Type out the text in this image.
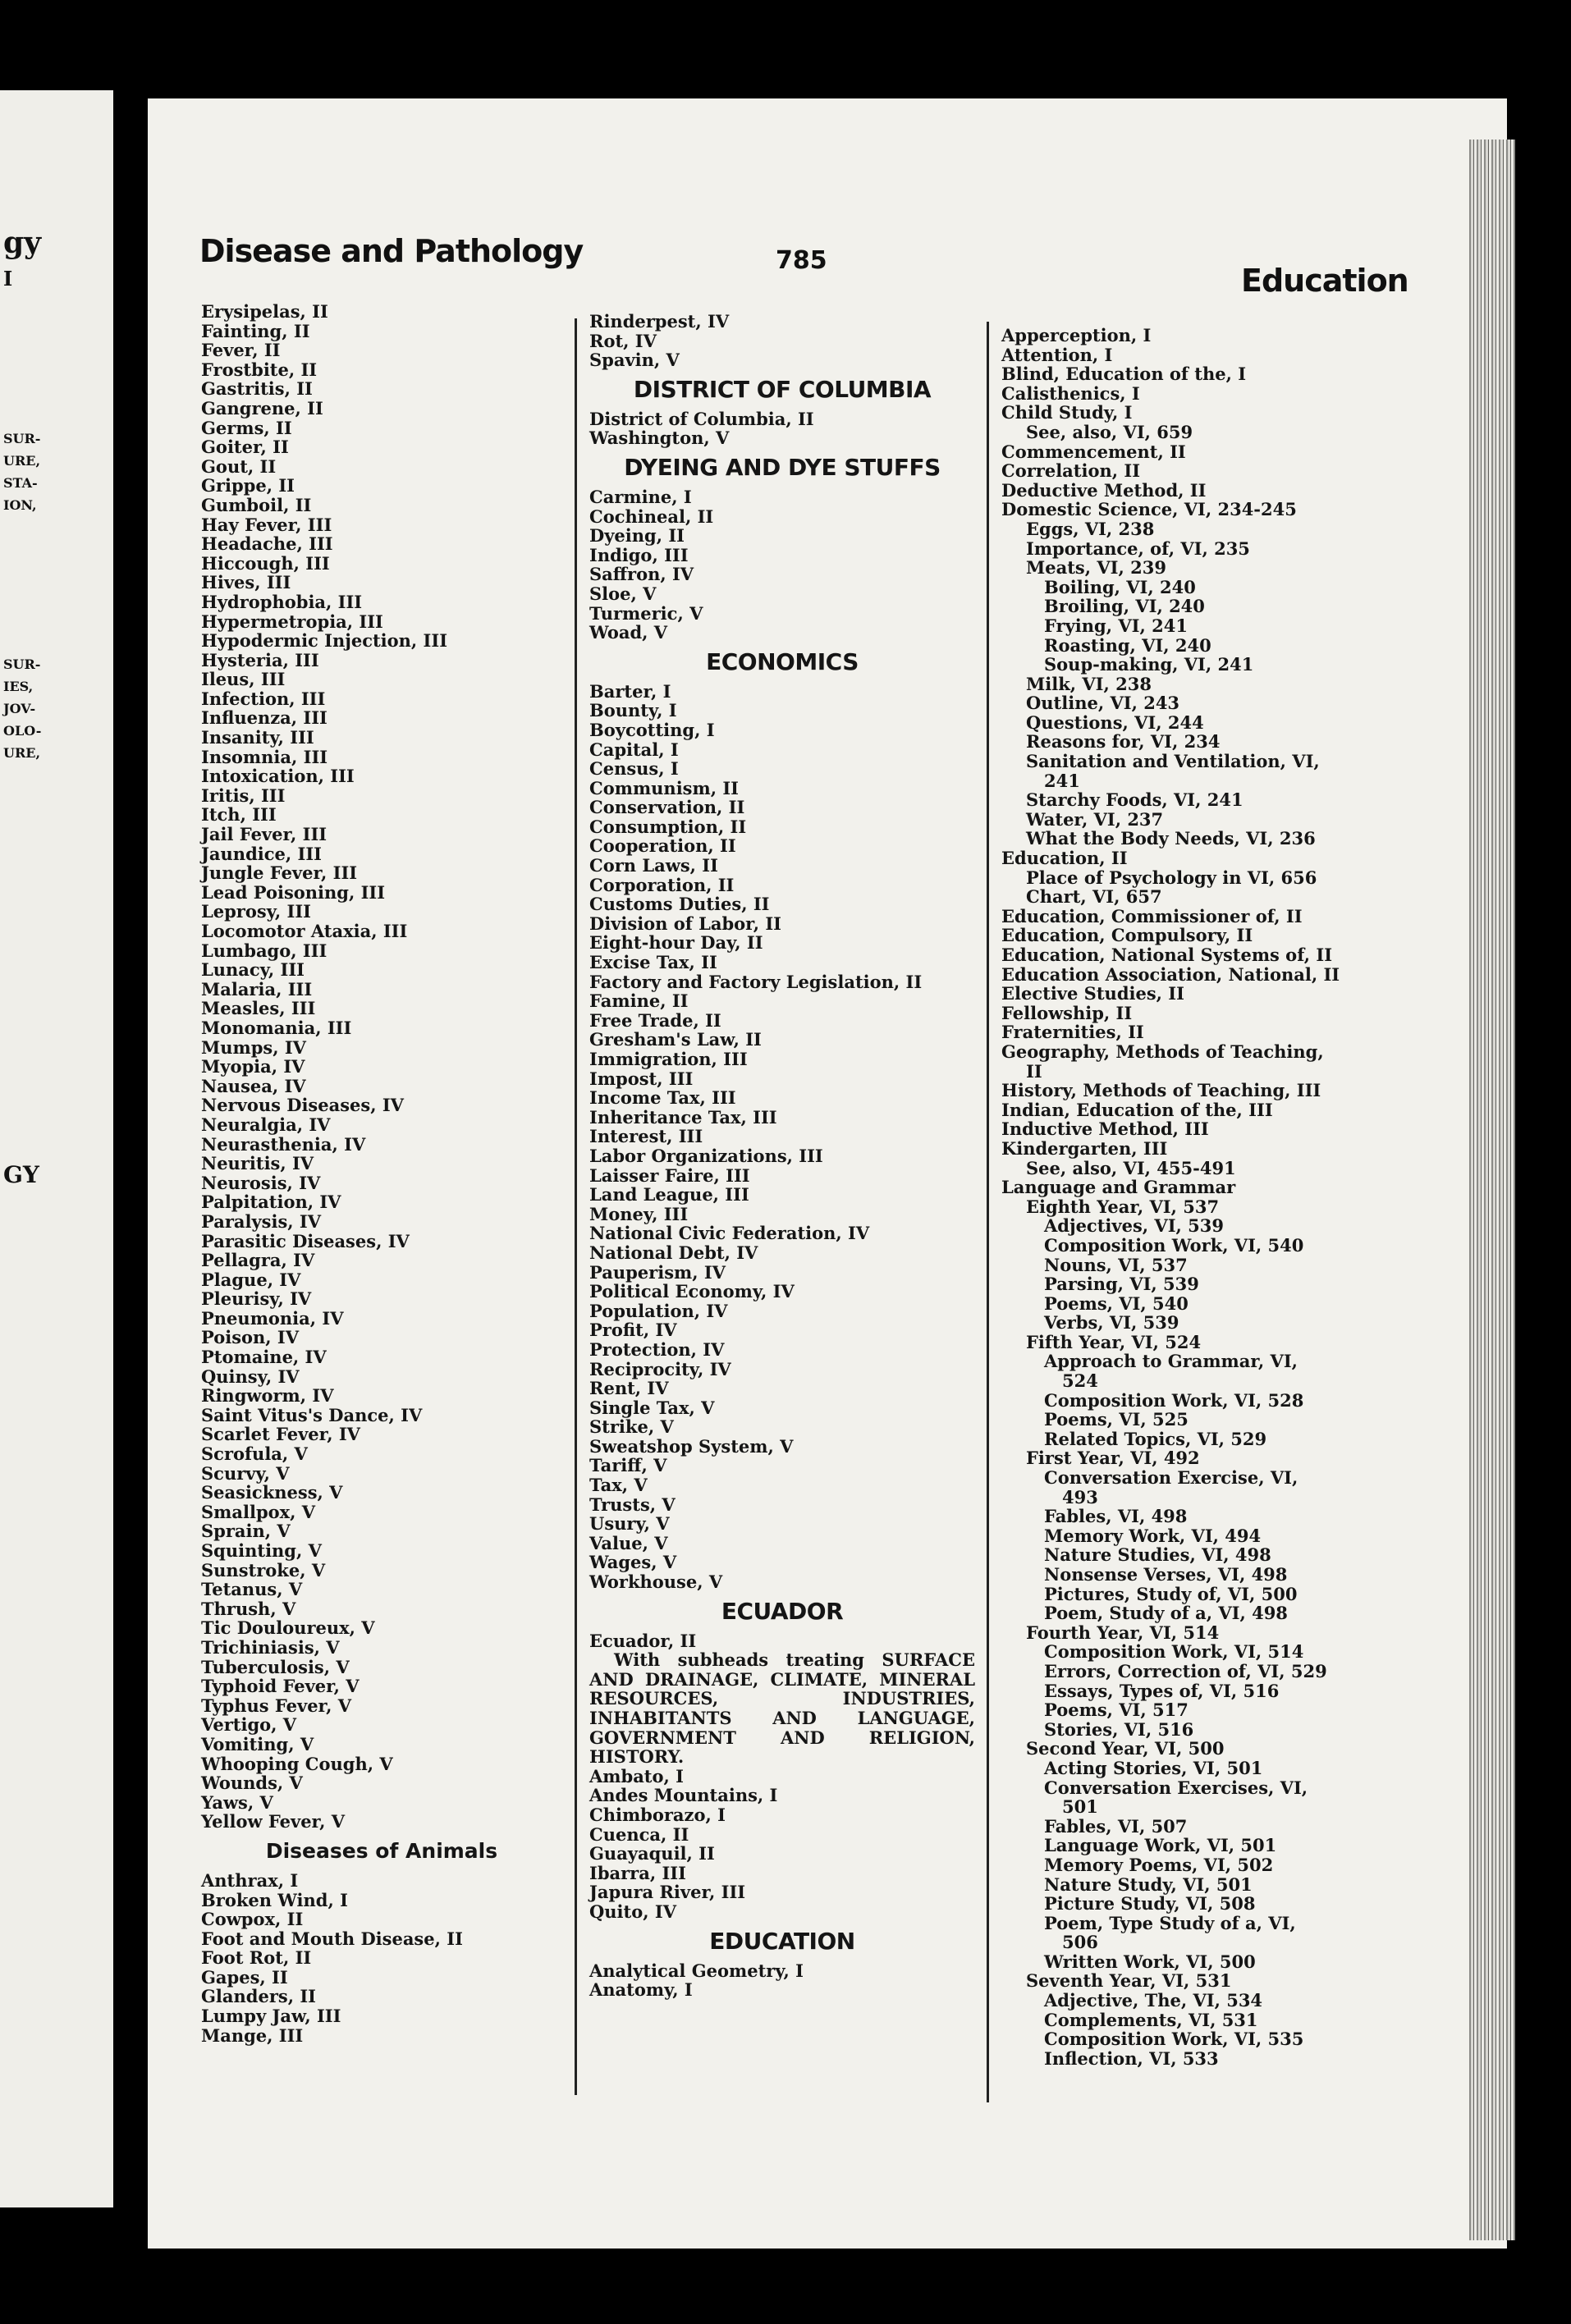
gy
I
SUR-
URE,
STA-
ION,
SUR-
IES,
JOV-
OLO-
URE,
GY
Disease and Pathology	785
Education
Erysipelas, II
Fainting, II
Fever, II
Frostbite, II
Gastritis, II
Gangrene, II
Germs, II
Goiter, II
Gout, II
Grippe, II
Gumboil, II
Hay Fever, III
Headache, III
Hiccough, III
Hives, III
Hydrophobia, III
Hypermetropia, III
Hypodermic Injection, III
Hysteria, III
Ileus, III
Infection, III
Influenza, III
Insanity, III
Insomnia, III
Intoxication, III
Iritis, III
Itch, III
Jail Fever, III
Jaundice, III
Jungle Fever, III
Lead Poisoning, III
Leprosy, III
Locomotor Ataxia, III
Lumbago, III
Lunacy, III
Malaria, III
Measles, III
Monomania, III
Mumps, IV
Myopia, IV
Nausea, IV
Nervous Diseases, IV
Neuralgia, IV
Neurasthenia, IV
Neuritis, IV
Neurosis, IV
Palpitation, IV
Paralysis, IV
Parasitic Diseases, IV
Pellagra, IV
Plague, IV
Pleurisy, IV
Pneumonia, IV
Poison, IV
Ptomaine, IV
Quinsy, IV
Ringworm, IV
Saint Vitus's Dance, IV
Scarlet Fever, IV
Scrofula, V
Scurvy, V
Seasickness, V
Smallpox, V
Sprain, V
Squinting, V
Sunstroke, V
Tetanus, V
Thrush, V
Tic Douloureux, V
Trichiniasis, V
Tuberculosis, V
Typhoid Fever, V
Typhus Fever, V
Vertigo, V
Vomiting, V
Whooping Cough, V
Wounds, V
Yaws, V
Yellow Fever, V
Diseases of Animals
Anthrax, I
Broken Wind, I
Cowpox, II
Foot and Mouth Disease, II
Foot Rot, II
Gapes, II
Glanders, II
Lumpy Jaw, III
Mange, III
Rinderpest, IV
Rot, IV
Spavin, V
DISTRICT OF COLUMBIA
District of Columbia, II
Washington, V
DYEING AND DYE STUFFS
Carmine, I
Cochineal, II
Dyeing, II
Indigo, III
Saffron, IV
Sloe, V
Turmeric, V
Woad, V
ECONOMICS
Barter, I
Bounty, I
Boycotting, I
Capital, I
Census, I
Communism, II
Conservation, II
Consumption, II
Cooperation, II
Corn Laws, II
Corporation, II
Customs Duties, II
Division of Labor, II
Eight-hour Day, II
Excise Tax, II
Factory and Factory Legislation, II
Famine, II
Free Trade, II
Gresham's Law, II
Immigration, III
Impost, III
Income Tax, III
Inheritance Tax, III
Interest, III
Labor Organizations, III
Laisser Faire, III
Land League, III
Money, III
National Civic Federation, IV
National Debt, IV
Pauperism, IV
Political Economy, IV
Population, IV
Profit, IV
Protection, IV
Reciprocity, IV
Rent, IV
Single Tax, V
Strike, V
Sweatshop System, V
Tariff, V
Tax, V
Trusts, V
Usury, V
Value, V
Wages, V
Workhouse, V
ECUADOR
Ecuador, II
With subheads treating SURFACE AND DRAINAGE, CLIMATE, MINERAL RESOURCES, INDUSTRIES, INHABITANTS AND LANGUAGE, GOVERNMENT AND RELIGION, HISTORY.
Ambato, I
Andes Mountains, I
Chimborazo, I
Cuenca, II
Guayaquil, II
Ibarra, III
Japura River, III
Quito, IV
EDUCATION
Analytical Geometry, I
Anatomy, I
Apperception, I
Attention, I
Blind, Education of the, I
Calisthenics, I
Child Study, I
See, also, VI, 659
Commencement, II
Correlation, II
Deductive Method, II
Domestic Science, VI, 234-245
Eggs, VI, 238
Importance, of, VI, 235
Meats, VI, 239
Boiling, VI, 240
Broiling, VI, 240
Frying, VI, 241
Roasting, VI, 240
Soup-making, VI, 241
Milk, VI, 238
Outline, VI, 243
Questions, VI, 244
Reasons for, VI, 234
Sanitation and Ventilation, VI,
241
Starchy Foods, VI, 241
Water, VI, 237
What the Body Needs, VI, 236
Education, II
Place of Psychology in VI, 656
Chart, VI, 657
Education, Commissioner of, II
Education, Compulsory, II
Education, National Systems of, II
Education Association, National, II
Elective Studies, II
Fellowship, II
Fraternities, II
Geography, Methods of Teaching,
II
History, Methods of Teaching, III
Indian, Education of the, III
Inductive Method, III
Kindergarten, III
See, also, VI, 455-491
Language and Grammar
Eighth Year, VI, 537
Adjectives, VI, 539
Composition Work, VI, 540
Nouns, VI, 537
Parsing, VI, 539
Poems, VI, 540
Verbs, VI, 539
Fifth Year, VI, 524
Approach to Grammar, VI,
524
Composition Work, VI, 528
Poems, VI, 525
Related Topics, VI, 529
First Year, VI, 492
Conversation Exercise, VI,
493
Fables, VI, 498
Memory Work, VI, 494
Nature Studies, VI, 498
Nonsense Verses, VI, 498
Pictures, Study of, VI, 500
Poem, Study of a, VI, 498
Fourth Year, VI, 514
Composition Work, VI, 514
Errors, Correction of, VI, 529
Essays, Types of, VI, 516
Poems, VI, 517
Stories, VI, 516
Second Year, VI, 500
Acting Stories, VI, 501
Conversation Exercises, VI,
501
Fables, VI, 507
Language Work, VI, 501
Memory Poems, VI, 502
Nature Study, VI, 501
Picture Study, VI, 508
Poem, Type Study of a, VI,
506
Written Work, VI, 500
Seventh Year, VI, 531
Adjective, The, VI, 534
Complements, VI, 531
Composition Work, VI, 535
Inflection, VI, 533
